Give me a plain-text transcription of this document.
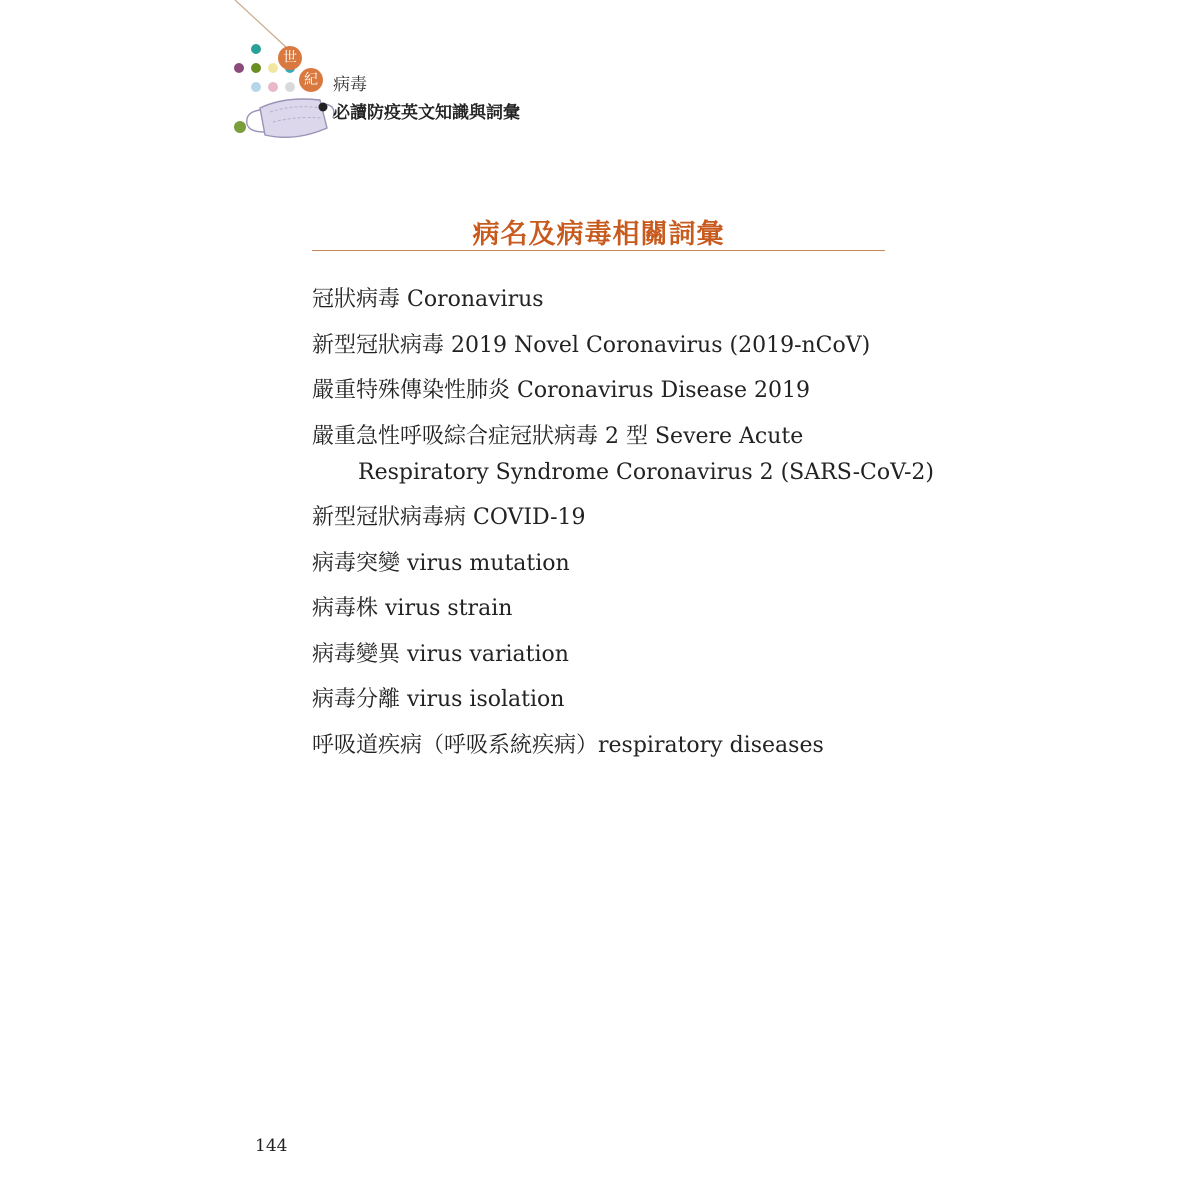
世
紀 病毒
必讀防疫英文知識與詞彙
病名及病毒相關詞彙
冠狀病毒 Coronavirus
新型冠狀病毒 2019 Novel Coronavirus (2019-nCoV)
嚴重特殊傳染性肺炎 Coronavirus Disease 2019
嚴重急性呼吸綜合症冠狀病毒 2 型 Severe Acute
Respiratory Syndrome Coronavirus 2 (SARS-CoV-2)
新型冠狀病毒病 COVID-19
病毒突變 virus mutation
病毒株 virus strain
病毒變異 virus variation
病毒分離 virus isolation
呼吸道疾病（呼吸系統疾病）respiratory diseases
144
